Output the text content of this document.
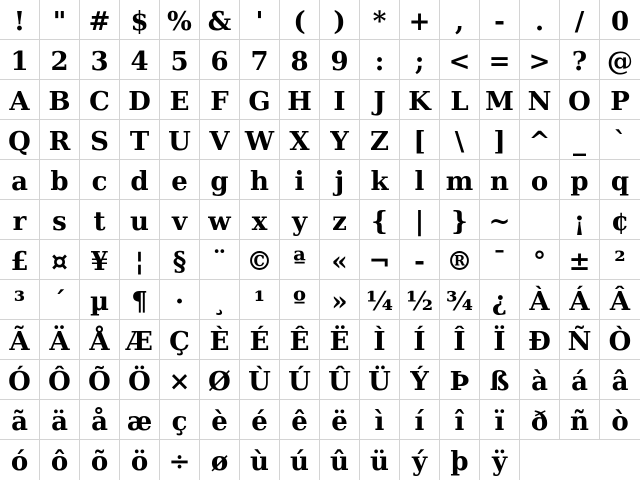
!	" # $ % & '	(	)	* + ,	-	.	/	0
1 2 3 4 5 6 7 8 9	:	; < = > ? @
A B C D E F G H I	J K L M N O P
Q R S T U V W X Y Z [	\	] ^ _	`
a b c d e g h i	j	k	l m n o p q
r s	t u v w x y z {	|	} ~	¡ ¢
£ ¤ ¥	¦	§	¨ © ª « ¬ - ® ¯	° ± ²
³	´ µ ¶	·	¸	¹	º » ¼ ½ ¾ ¿ À Á Â
Ã Ä Å Æ Ç È É Ê Ë Ì	Í	Î	Ï Ð Ñ Ò
Ó Ô Õ Ö × Ø Ù Ú Û Ü Ý Þ ß à á â
ã ä å æ ç è é ê ë	ì	í	î	ï	ð ñ ò
ó ô õ ö ÷ ø ù ú û ü ý þ ÿ
